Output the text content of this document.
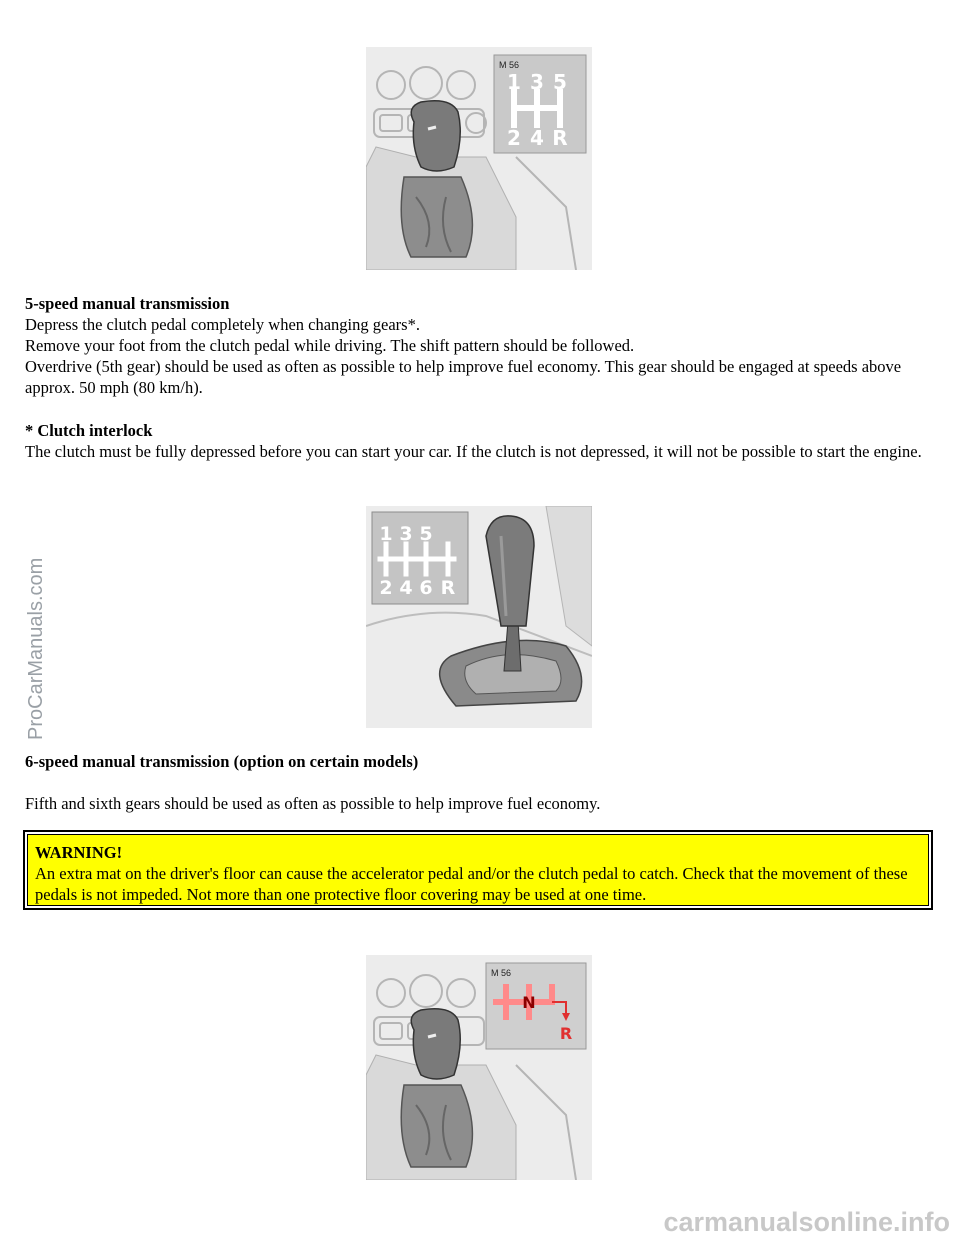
M 56
1 3 5
2 4 R

5-speed manual transmission
Depress the clutch pedal completely when changing gears*.
Remove your foot from the clutch pedal while driving. The shift pattern should be followed.
Overdrive (5th gear) should be used as often as possible to help improve fuel economy. This gear should be engaged at speeds above approx. 50 mph (80 km/h).

* Clutch interlock
The clutch must be fully depressed before you can start your car. If the clutch is not depressed, it will not be possible to start the engine.

1 3 5
2 4 6 R

6-speed manual transmission (option on certain models)

Fifth and sixth gears should be used as often as possible to help improve fuel economy.

WARNING!
An extra mat on the driver's floor can cause the accelerator pedal and/or the clutch pedal to catch. Check that the movement of these pedals is not impeded. Not more than one protective floor covering may be used at one time.
M 56
N
R
ProCarManuals.com
carmanualsonline.info
